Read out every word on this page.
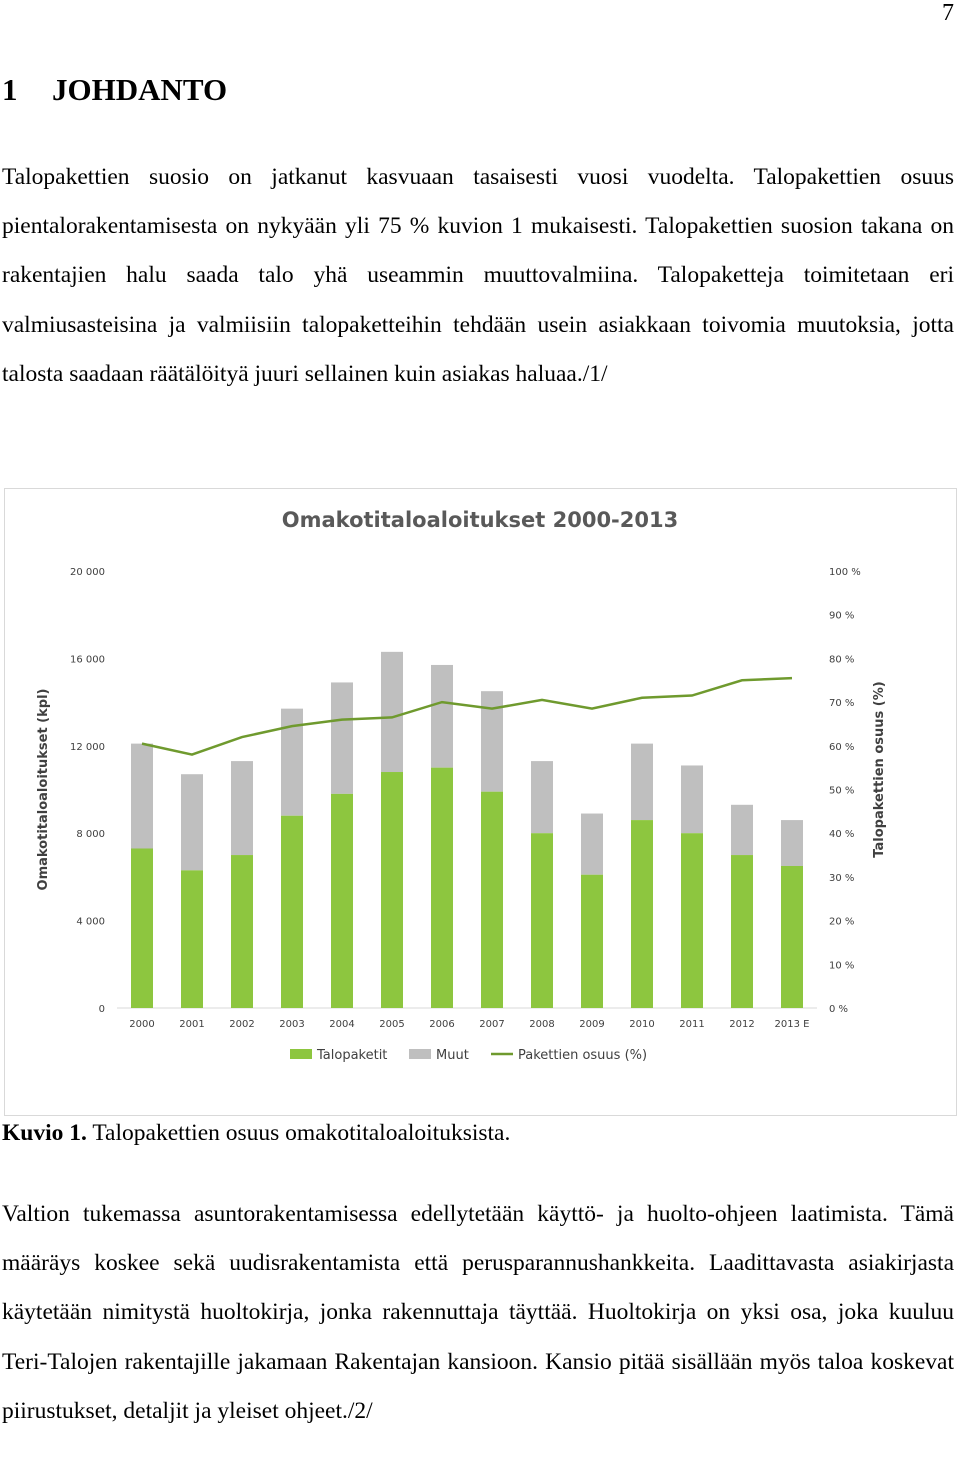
7
1 JOHDANTO

Talopakettien suosio on jatkanut kasvuaan tasaisesti vuosi vuodelta. Talopakettien osuus pientalorakentamisesta on nykyään yli 75 % kuvion 1 mukaisesti. Talopakettien suosion takana on rakentajien halu saada talo yhä useammin muuttovalmiina. Talopaketteja toimitetaan eri valmiusasteisina ja valmiisiin talopaketteihin tehdään usein asiakkaan toivomia muutoksia, jotta talosta saadaan räätälöityä juuri sellainen kuin asiakas haluaa./1/

Omakotitaloaloitukset 2000-2013
0
4 000
8 000
12 000
16 000
20 000
0 %
10 %
20 %
30 %
40 %
50 %
60 %
70 %
80 %
90 %
100 %
Omakotitaloaloitukset (kpl)	Talopakettien osuus (%)
2000 2001 2002 2003 2004 2005 2006 2007 2008 2009 2010 2011 2012 2013 E
Talopaketit	Muut	Pakettien osuus (%)

Kuvio 1. Talopakettien osuus omakotitaloaloituksista.

Valtion tukemassa asuntorakentamisessa edellytetään käyttö- ja huolto-ohjeen laatimista. Tämä määräys koskee sekä uudisrakentamista että perusparannushankkeita. Laadittavasta asiakirjasta käytetään nimitystä huoltokirja, jonka rakennuttaja täyttää. Huoltokirja on yksi osa, joka kuuluu Teri-Talojen rakentajille jakamaan Rakentajan kansioon. Kansio pitää sisällään myös taloa koskevat piirustukset, detaljit ja yleiset ohjeet./2/
